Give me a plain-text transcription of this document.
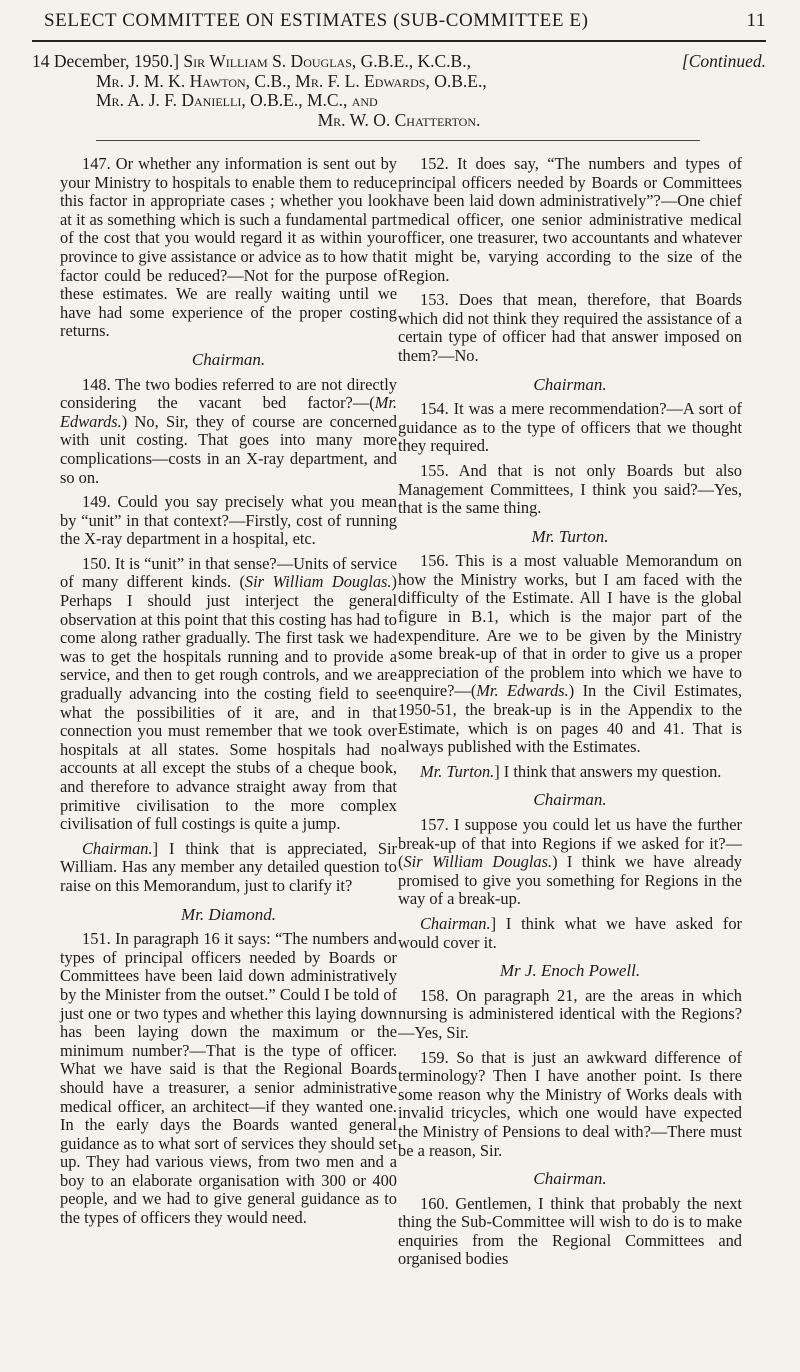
SELECT COMMITTEE ON ESTIMATES (SUB-COMMITTEE E)	11
14 December, 1950.] Sir William S. Douglas, G.B.E., K.C.B.,	[Continued.
Mr. J. M. K. Hawton, C.B., Mr. F. L. Edwards, O.B.E.,
Mr. A. J. F. Danielli, O.B.E., M.C., and
Mr. W. O. Chatterton.

147. Or whether any information is sent out by your Ministry to hospitals to enable them to reduce this factor in appropriate cases ; whether you look at it as something which is such a fundamental part of the cost that you would regard it as within your province to give assistance or advice as to how that factor could be reduced?—Not for the purpose of these estimates. We are really waiting until we have had some experience of the proper costing returns.

Chairman.

148. The two bodies referred to are not directly considering the vacant bed factor?—(Mr. Edwards.) No, Sir, they of course are concerned with unit costing. That goes into many more complications—costs in an X-ray department, and so on.

149. Could you say precisely what you mean by “unit” in that context?—Firstly, cost of running the X-ray department in a hospital, etc.

150. It is “unit” in that sense?—Units of service of many different kinds. (Sir William Douglas.) Perhaps I should just interject the general observation at this point that this costing has had to come along rather gradually. The first task we had was to get the hospitals running and to provide a service, and then to get rough controls, and we are gradually advancing into the costing field to see what the possibilities of it are, and in that connection you must remember that we took over hospitals at all states. Some hospitals had no accounts at all except the stubs of a cheque book, and therefore to advance straight away from that primitive civilisation to the more complex civilisation of full costings is quite a jump.

Chairman.] I think that is appreciated, Sir William. Has any member any detailed question to raise on this Memorandum, just to clarify it?

Mr. Diamond.

151. In paragraph 16 it says: “The numbers and types of principal officers needed by Boards or Committees have been laid down administratively by the Minister from the outset.” Could I be told of just one or two types and whether this laying down has been laying down the maximum or the minimum number?—That is the type of officer. What we have said is that the Regional Boards should have a treasurer, a senior administrative medical officer, an architect—if they wanted one. In the early days the Boards wanted general guidance as to what sort of services they should set up. They had various views, from two men and a boy to an elaborate organisation with 300 or 400 people, and we had to give general guidance as to the types of officers they would need.

152. It does say, “The numbers and types of principal officers needed by Boards or Committees have been laid down administratively”?—One chief medical officer, one senior administrative medical officer, one treasurer, two accountants and whatever it might be, varying according to the size of the Region.

153. Does that mean, therefore, that Boards which did not think they required the assistance of a certain type of officer had that answer imposed on them?—No.

Chairman.

154. It was a mere recommendation?—A sort of guidance as to the type of officers that we thought they required.

155. And that is not only Boards but also Management Committees, I think you said?—Yes, that is the same thing.

Mr. Turton.

156. This is a most valuable Memorandum on how the Ministry works, but I am faced with the difficulty of the Estimate. All I have is the global figure in B.1, which is the major part of the expenditure. Are we to be given by the Ministry some break-up of that in order to give us a proper appreciation of the problem into which we have to enquire?—(Mr. Edwards.) In the Civil Estimates, 1950-51, the break-up is in the Appendix to the Estimate, which is on pages 40 and 41. That is always published with the Estimates.

Mr. Turton.] I think that answers my question.

Chairman.

157. I suppose you could let us have the further break-up of that into Regions if we asked for it?—(Sir William Douglas.) I think we have already promised to give you something for Regions in the way of a break-up.

Chairman.] I think what we have asked for would cover it.

Mr J. Enoch Powell.

158. On paragraph 21, are the areas in which nursing is administered identical with the Regions?—Yes, Sir.

159. So that is just an awkward difference of terminology? Then I have another point. Is there some reason why the Ministry of Works deals with invalid tricycles, which one would have expected the Ministry of Pensions to deal with?—There must be a reason, Sir.

Chairman.

160. Gentlemen, I think that probably the next thing the Sub-Committee will wish to do is to make enquiries from the Regional Committees and organised bodies
